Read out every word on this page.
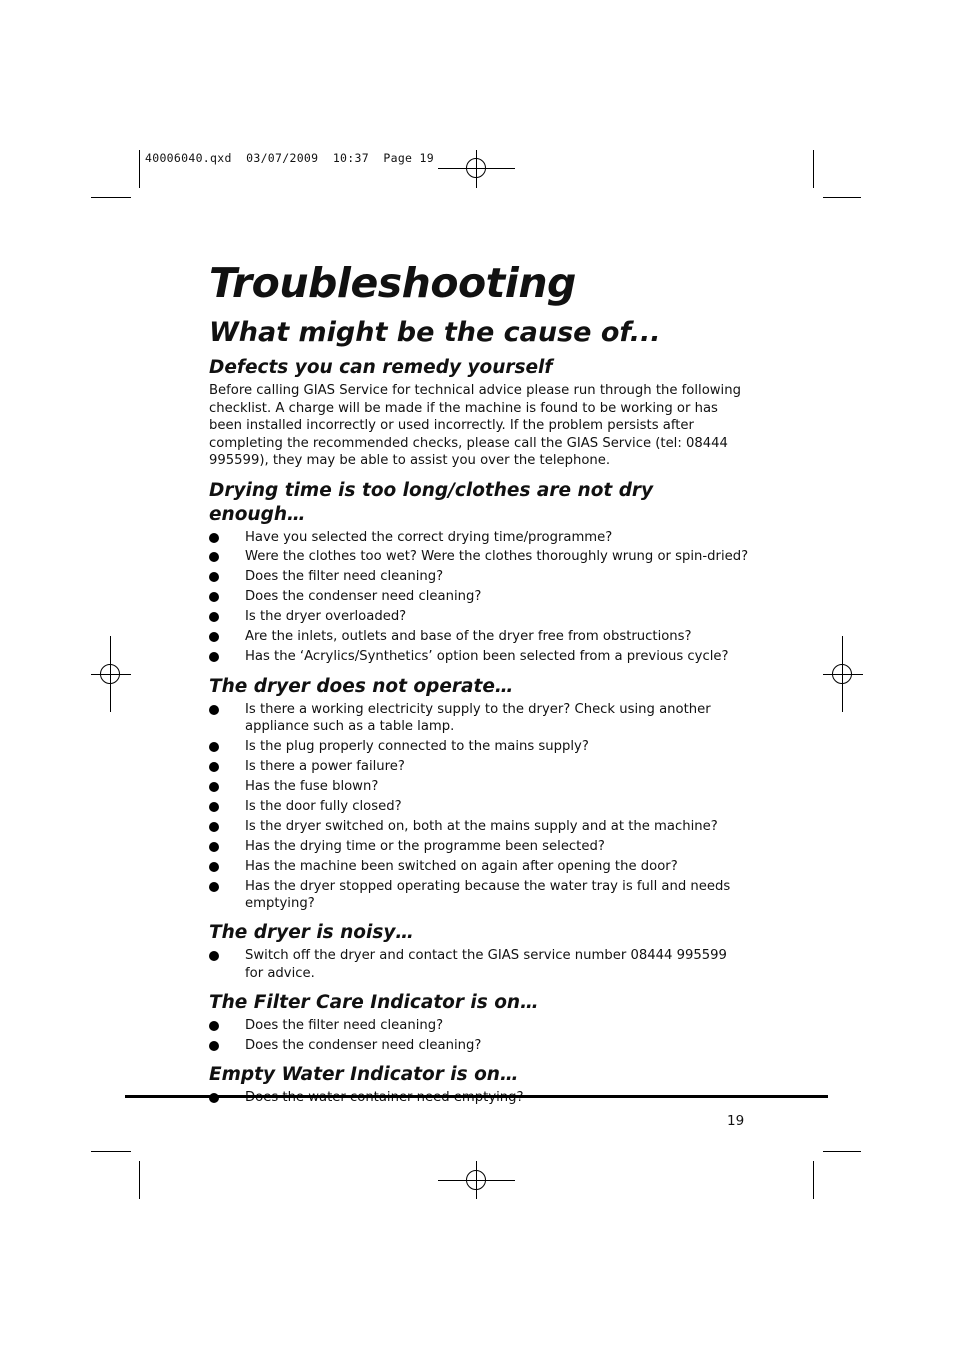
40006040.qxd  03/07/2009  10:37  Page 19
Troubleshooting
What might be the cause of...
Defects you can remedy yourself

Before calling GIAS Service for technical advice please run through the following checklist. A charge will be made if the machine is found to be working or has been installed incorrectly or used incorrectly. If the problem persists after completing the recommended checks, please call the GIAS Service (tel: 08444 995599), they may be able to assist you over the telephone.

Drying time is too long/clothes are not dry enough…
Have you selected the correct drying time/programme?
Were the clothes too wet? Were the clothes thoroughly wrung or spin-dried?
Does the filter need cleaning?
Does the condenser need cleaning?
Is the dryer overloaded?
Are the inlets, outlets and base of the dryer free from obstructions?
Has the ‘Acrylics/Synthetics’ option been selected from a previous cycle?
The dryer does not operate…
Is there a working electricity supply to the dryer? Check using another appliance such as a table lamp.
Is the plug properly connected to the mains supply?
Is there a power failure?
Has the fuse blown?
Is the door fully closed?
Is the dryer switched on, both at the mains supply and at the machine?
Has the drying time or the programme been selected?
Has the machine been switched on again after opening the door?
Has the dryer stopped operating because the water tray is full and needs emptying?
The dryer is noisy…
Switch off the dryer and contact the GIAS service number 08444 995599 for advice.
The Filter Care Indicator is on…
Does the filter need cleaning?
Does the condenser need cleaning?
Empty Water Indicator is on…
19
